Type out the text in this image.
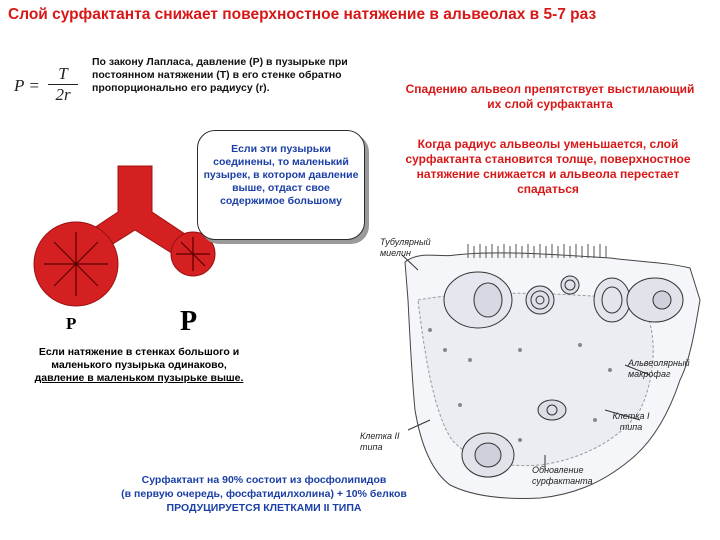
Слой сурфактанта снижает поверхностное натяжение в альвеолах в 5-7 раз
$P = \frac{T}{2r}$
По закону Лапласа, давление (P) в пузырьке при постоянном натяжении (T) в его стенке обратно пропорционально его радиусу (r).	Спадению альвеол препятствует выстилающий их слой сурфактанта
Когда радиус альвеолы уменьшается, слой сурфактанта становится толще, поверхностное натяжение снижается и альвеола перестает спадаться
Если эти пузырьки соединены, то маленький пузырек, в котором давление выше, отдаст свое содержимое большому
P	P
Если натяжение в стенках большого и маленького пузырька одинаково,
давление в маленьком пузырьке выше.
Тубулярный миелин
Альвеолярный макрофаг
Клетка I типа
Клетка II типа
Обновление сурфактанта
Сурфактант на 90% состоит из фосфолипидов
(в первую очередь, фосфатидилхолина) + 10% белков
ПРОДУЦИРУЕТСЯ КЛЕТКАМИ II ТИПА
